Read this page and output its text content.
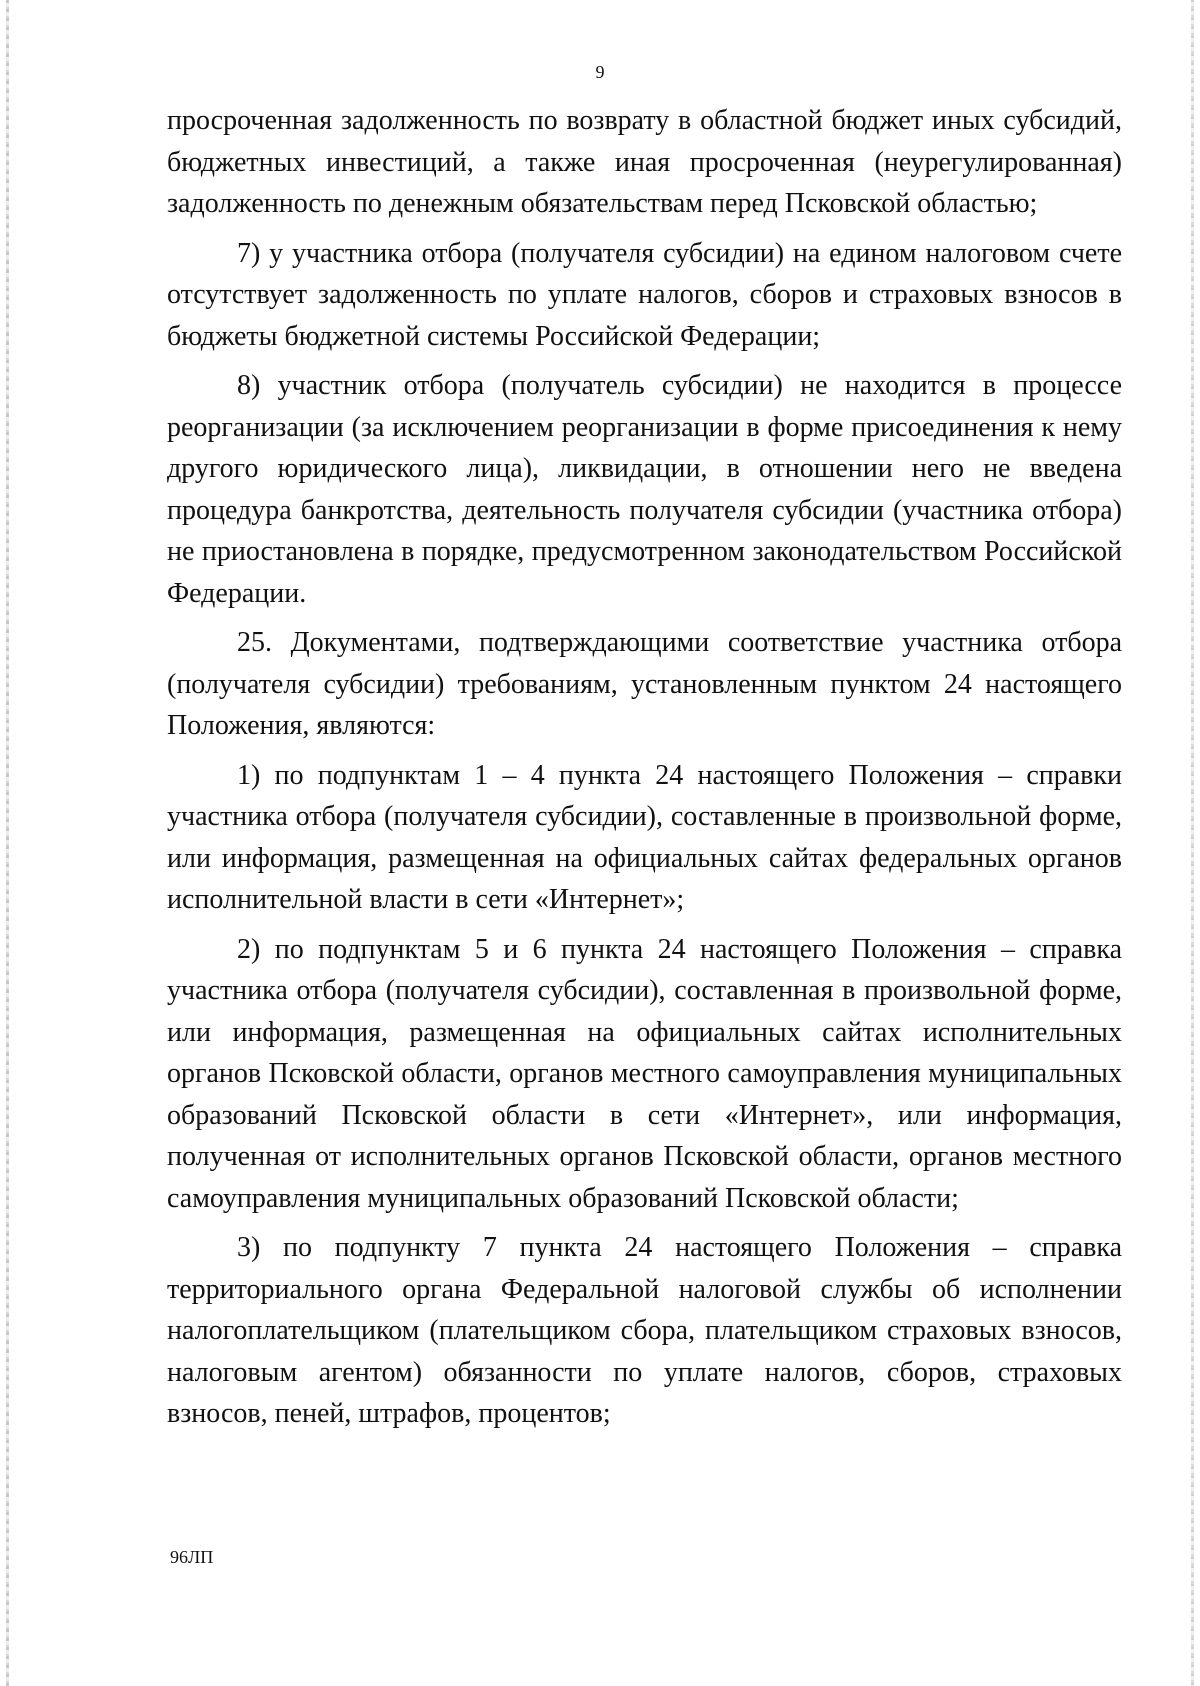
9

просроченная задолженность по возврату в областной бюджет иных субсидий, бюджетных инвестиций, а также иная просроченная (неурегулированная) задолженность по денежным обязательствам перед Псковской областью;

7) у участника отбора (получателя субсидии) на едином налоговом счете отсутствует задолженность по уплате налогов, сборов и страховых взносов в бюджеты бюджетной системы Российской Федерации;

8) участник отбора (получатель субсидии) не находится в процессе реорганизации (за исключением реорганизации в форме присоединения к нему другого юридического лица), ликвидации, в отношении него не введена процедура банкротства, деятельность получателя субсидии (участника отбора) не приостановлена в порядке, предусмотренном законодательством Российской Федерации.

25. Документами, подтверждающими соответствие участника отбора (получателя субсидии) требованиям, установленным пунктом 24 настоящего Положения, являются:

1) по подпунктам 1 – 4 пункта 24 настоящего Положения – справки участника отбора (получателя субсидии), составленные в произвольной форме, или информация, размещенная на официальных сайтах федеральных органов исполнительной власти в сети «Интернет»;

2) по подпунктам 5 и 6 пункта 24 настоящего Положения – справка участника отбора (получателя субсидии), составленная в произвольной форме, или информация, размещенная на официальных сайтах исполнительных органов Псковской области, органов местного самоуправления муниципальных образований Псковской области в сети «Интернет», или информация, полученная от исполнительных органов Псковской области, органов местного самоуправления муниципальных образований Псковской области;

3) по подпункту 7 пункта 24 настоящего Положения – справка территориального органа Федеральной налоговой службы об исполнении налогоплательщиком (плательщиком сбора, плательщиком страховых взносов, налоговым агентом) обязанности по уплате налогов, сборов, страховых взносов, пеней, штрафов, процентов;

96ЛП
